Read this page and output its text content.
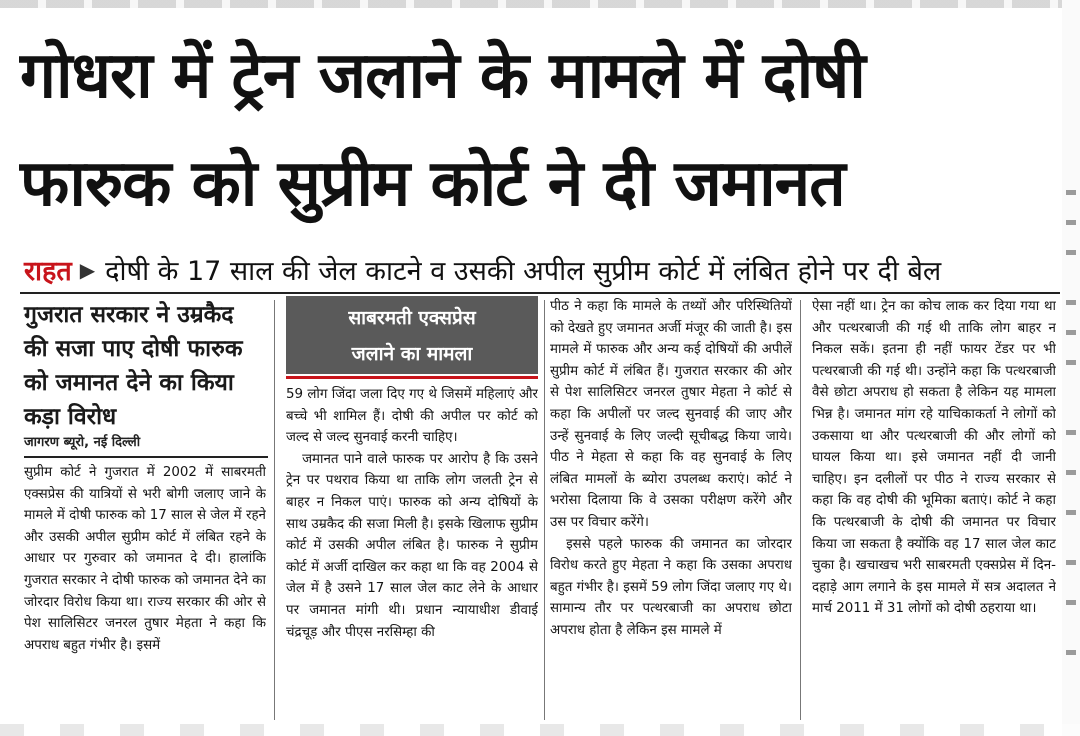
गोधरा में ट्रेन जलाने के मामले में दोषी
फारुक को सुप्रीम कोर्ट ने दी जमानत
राहत ▶ दोषी के 17 साल की जेल काटने व उसकी अपील सुप्रीम कोर्ट में लंबित होने पर दी बेल
गुजरात सरकार ने उम्रकैद की सजा पाए दोषी फारुक को जमानत देने का किया कड़ा विरोध
जागरण ब्यूरो, नई दिल्ली

सुप्रीम कोर्ट ने गुजरात में 2002 में साबरमती एक्सप्रेस की यात्रियों से भरी बोगी जलाए जाने के मामले में दोषी फारुक को 17 साल से जेल में रहने और उसकी अपील सुप्रीम कोर्ट में लंबित रहने के आधार पर गुरुवार को जमानत दे दी। हालांकि गुजरात सरकार ने दोषी फारुक को जमानत देने का जोरदार विरोध किया था। राज्य सरकार की ओर से पेश सालिसिटर जनरल तुषार मेहता ने कहा कि अपराध बहुत गंभीर है। इसमें

साबरमती एक्सप्रेस
जलाने का मामला

59 लोग जिंदा जला दिए गए थे जिसमें महिलाएं और बच्चे भी शामिल हैं। दोषी की अपील पर कोर्ट को जल्द से जल्द सुनवाई करनी चाहिए।

जमानत पाने वाले फारुक पर आरोप है कि उसने ट्रेन पर पथराव किया था ताकि लोग जलती ट्रेन से बाहर न निकल पाएं। फारुक को अन्य दोषियों के साथ उम्रकैद की सजा मिली है। इसके खिलाफ सुप्रीम कोर्ट में उसकी अपील लंबित है। फारुक ने सुप्रीम कोर्ट में अर्जी दाखिल कर कहा था कि वह 2004 से जेल में है उसने 17 साल जेल काट लेने के आधार पर जमानत मांगी थी। प्रधान न्यायाधीश डीवाई चंद्रचूड़ और पीएस नरसिम्हा की

पीठ ने कहा कि मामले के तथ्यों और परिस्थितियों को देखते हुए जमानत अर्जी मंजूर की जाती है। इस मामले में फारुक और अन्य कई दोषियों की अपीलें सुप्रीम कोर्ट में लंबित हैं। गुजरात सरकार की ओर से पेश सालिसिटर जनरल तुषार मेहता ने कोर्ट से कहा कि अपीलों पर जल्द सुनवाई की जाए और उन्हें सुनवाई के लिए जल्दी सूचीबद्ध किया जाये। पीठ ने मेहता से कहा कि वह सुनवाई के लिए लंबित मामलों के ब्योरा उपलब्ध कराएं। कोर्ट ने भरोसा दिलाया कि वे उसका परीक्षण करेंगे और उस पर विचार करेंगे।

इससे पहले फारुक की जमानत का जोरदार विरोध करते हुए मेहता ने कहा कि उसका अपराध बहुत गंभीर है। इसमें 59 लोग जिंदा जलाए गए थे। सामान्य तौर पर पत्थरबाजी का अपराध छोटा अपराध होता है लेकिन इस मामले में

ऐसा नहीं था। ट्रेन का कोच लाक कर दिया गया था और पत्थरबाजी की गई थी ताकि लोग बाहर न निकल सकें। इतना ही नहीं फायर टेंडर पर भी पत्थरबाजी की गई थी। उन्होंने कहा कि पत्थरबाजी वैसे छोटा अपराध हो सकता है लेकिन यह मामला भिन्न है। जमानत मांग रहे याचिकाकर्ता ने लोगों को उकसाया था और पत्थरबाजी की और लोगों को घायल किया था। इसे जमानत नहीं दी जानी चाहिए। इन दलीलों पर पीठ ने राज्य सरकार से कहा कि वह दोषी की भूमिका बताएं। कोर्ट ने कहा कि पत्थरबाजी के दोषी की जमानत पर विचार किया जा सकता है क्योंकि वह 17 साल जेल काट चुका है। खचाखच भरी साबरमती एक्सप्रेस में दिन-दहाड़े आग लगाने के इस मामले में सत्र अदालत ने मार्च 2011 में 31 लोगों को दोषी ठहराया था।
